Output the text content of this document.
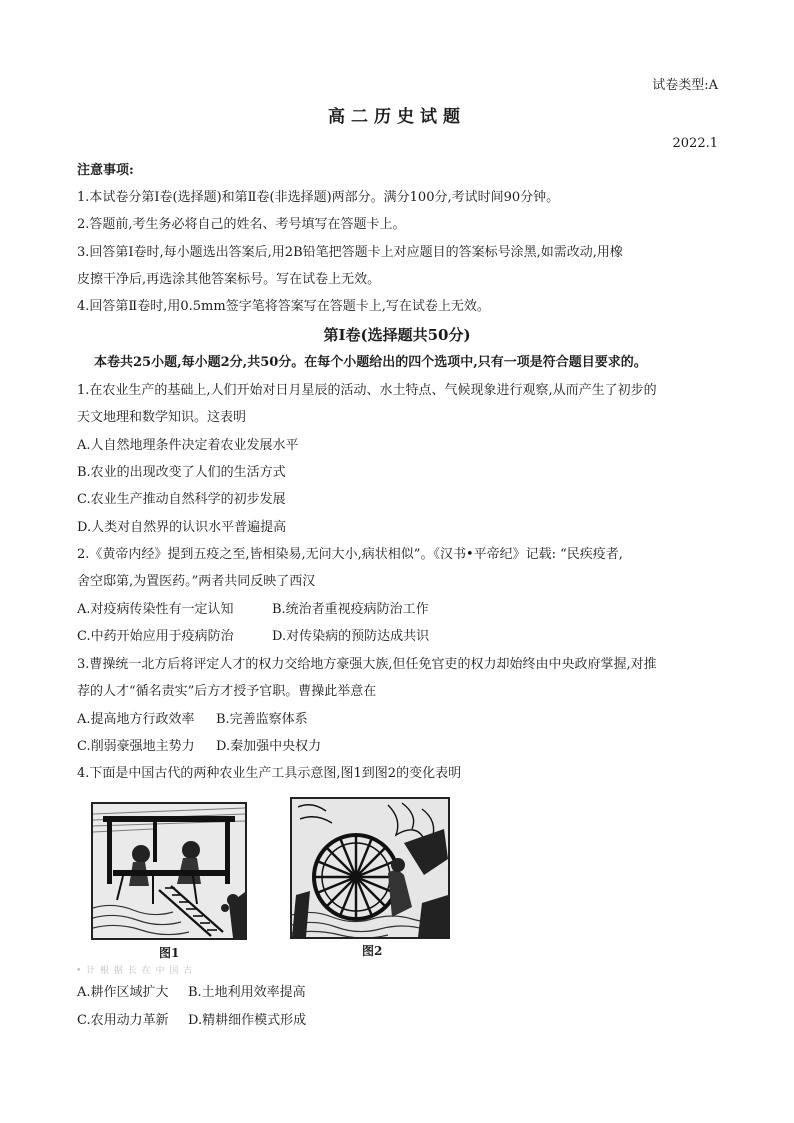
试卷类型:A
高二历史试题
2022.1
注意事项:
1.本试卷分第Ⅰ卷(选择题)和第Ⅱ卷(非选择题)两部分。满分100分,考试时间90分钟。
2.答题前,考生务必将自己的姓名、考号填写在答题卡上。
3.回答第Ⅰ卷时,每小题选出答案后,用2B铅笔把答题卡上对应题目的答案标号涂黑,如需改动,用橡
皮擦干净后,再选涂其他答案标号。写在试卷上无效。
4.回答第Ⅱ卷时,用0.5mm签字笔将答案写在答题卡上,写在试卷上无效。
第Ⅰ卷(选择题共50分)
本卷共25小题,每小题2分,共50分。在每个小题给出的四个选项中,只有一项是符合题目要求的。
1.在农业生产的基础上,人们开始对日月星辰的活动、水土特点、气候现象进行观察,从而产生了初步的
天文地理和数学知识。这表明
A.人自然地理条件决定着农业发展水平
B.农业的出现改变了人们的生活方式
C.农业生产推动自然科学的初步发展
D.人类对自然界的认识水平普遍提高
2.《黄帝内经》提到五疫之至,皆相染易,无问大小,病状相似”。《汉书•平帝纪》记载: “民疾疫者,
舍空邸第,为置医药。”两者共同反映了西汉
A.对疫病传染性有一定认知	B.统治者重视疫病防治工作
C.中药开始应用于疫病防治	D.对传染病的预防达成共识
3.曹操统一北方后将评定人才的权力交给地方豪强大族,但任免官吏的权力却始终由中央政府掌握,对推
荐的人才“循名责实”后方才授予官职。曹操此举意在
A.提高地方行政效率 B.完善监察体系
C.削弱豪强地主势力 D.秦加强中央权力
4.下面是中国古代的两种农业生产工具示意图,图1到图2的变化表明
图1	图2
• 计 根 据 长 在 中 国 古
A.耕作区域扩大 B.土地利用效率提高
C.农用动力革新 D.精耕细作模式形成
